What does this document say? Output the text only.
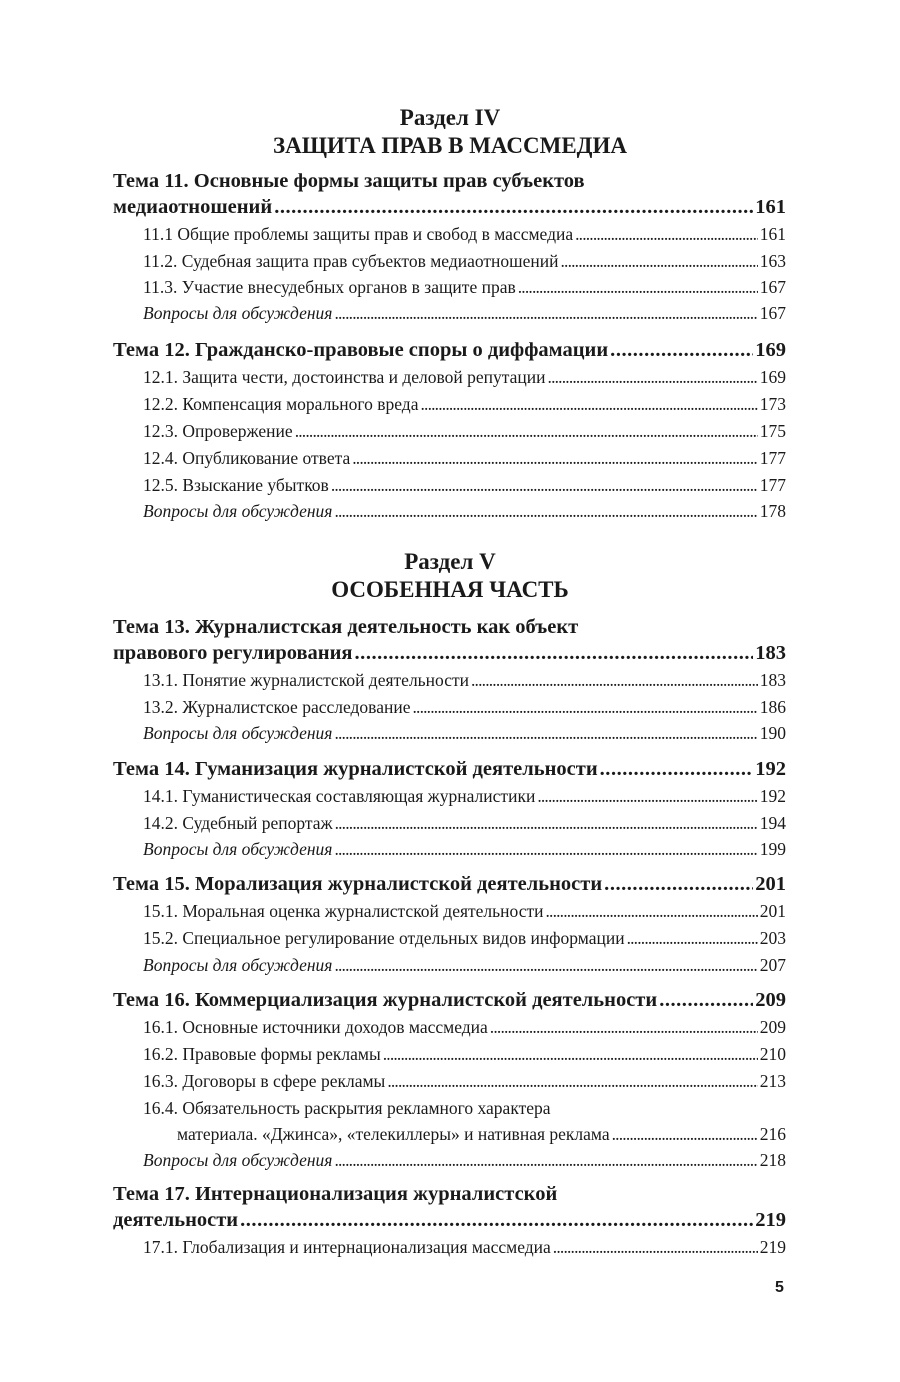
Раздел IV
ЗАЩИТА ПРАВ В МАССМЕДИА
Тема 11. Основные формы защиты прав субъектов
медиаотношений . . .	161
11.1 Общие проблемы защиты прав и свобод в массмедиа . . .	161
11.2. Судебная защита прав субъектов медиаотношений . . .	163
11.3. Участие внесудебных органов в защите прав . . .	167
Вопросы для обсуждения . . .	167
Тема 12. Гражданско-правовые споры о диффамации . . .	169
12.1. Защита чести, достоинства и деловой репутации . . .	169
12.2. Компенсация морального вреда . . .	173
12.3. Опровержение . . .	175
12.4. Опубликование ответа . . .	177
12.5. Взыскание убытков . . .	177
Вопросы для обсуждения . . .	178
Раздел V
ОСОБЕННАЯ ЧАСТЬ
Тема 13. Журналистская деятельность как объект
правового регулирования . . .	183
13.1. Понятие журналистской деятельности . . .	183
13.2. Журналистское расследование . . .	186
Вопросы для обсуждения . . .	190
Тема 14. Гуманизация журналистской деятельности . . .	192
14.1. Гуманистическая составляющая журналистики . . .	192
14.2. Судебный репортаж . . .	194
Вопросы для обсуждения . . .	199
Тема 15. Морализация журналистской деятельности . . .	201
15.1. Моральная оценка журналистской деятельности . . .	201
15.2. Специальное регулирование отдельных видов информации . . .	203
Вопросы для обсуждения . . .	207
Тема 16. Коммерциализация журналистской деятельности . . .	209
16.1. Основные источники доходов массмедиа . . .	209
16.2. Правовые формы рекламы . . .	210
16.3. Договоры в сфере рекламы . . .	213
16.4. Обязательность раскрытия рекламного характера
материала. «Джинса», «телекиллеры» и нативная реклама . . .	216
Вопросы для обсуждения . . .	218
Тема 17. Интернационализация журналистской
деятельности . . .	219
17.1. Глобализация и интернационализация массмедиа . . .	219
5
